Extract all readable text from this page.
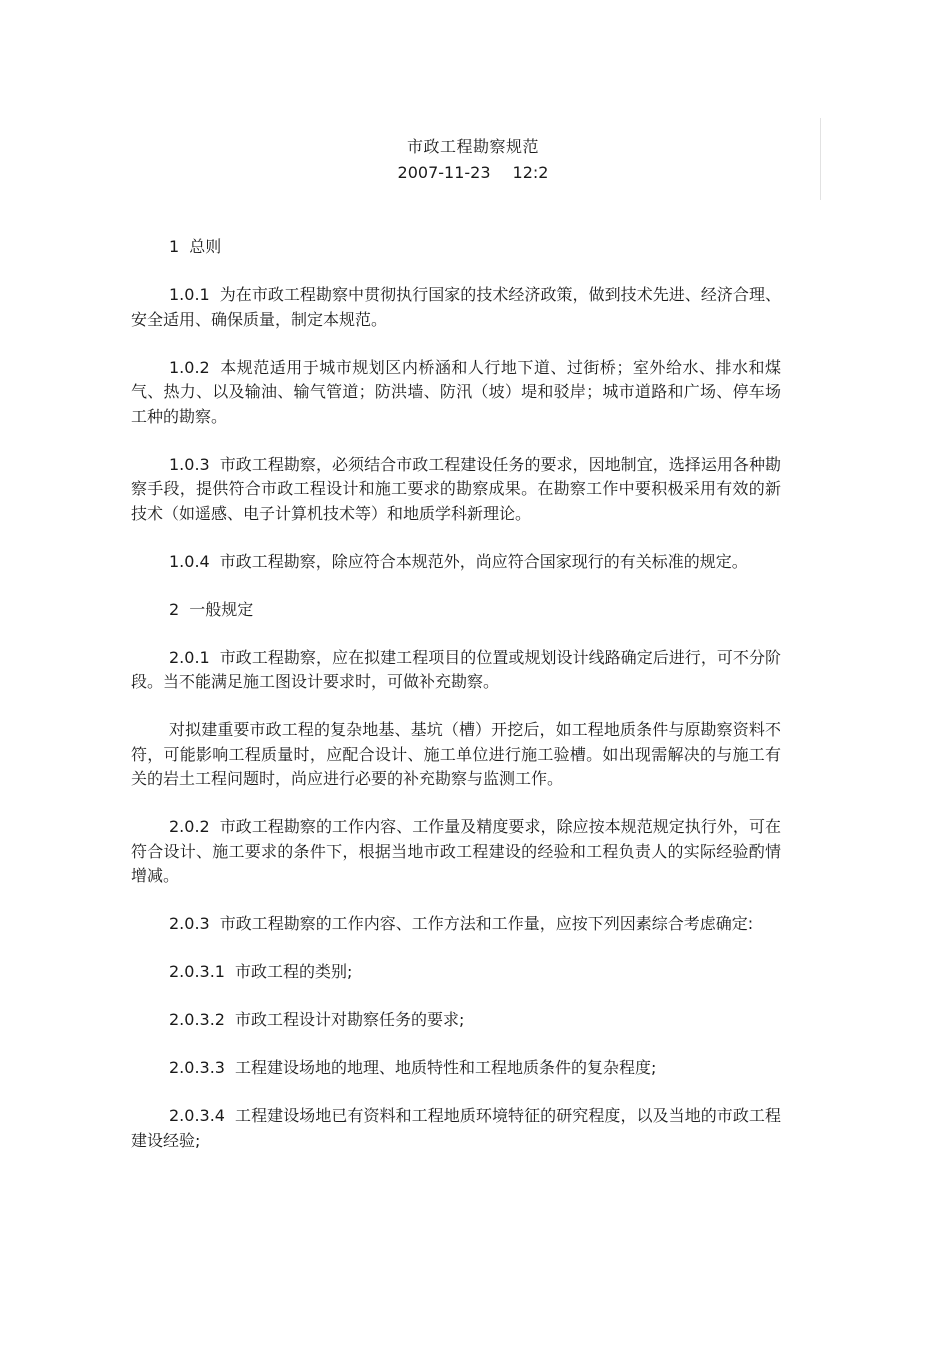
市政工程勘察规范
2007-11-23 12:2

1 总则

1.0.1 为在市政工程勘察中贯彻执行国家的技术经济政策，做到技术先进、经济合理、安全适用、确保质量，制定本规范。

1.0.2 本规范适用于城市规划区内桥涵和人行地下道、过街桥；室外给水、排水和煤气、热力、以及输油、输气管道；防洪墙、防汛（坡）堤和驳岸；城市道路和广场、停车场工种的勘察。

1.0.3 市政工程勘察，必须结合市政工程建设任务的要求，因地制宜，选择运用各种勘察手段，提供符合市政工程设计和施工要求的勘察成果。在勘察工作中要积极采用有效的新技术（如遥感、电子计算机技术等）和地质学科新理论。

1.0.4 市政工程勘察，除应符合本规范外，尚应符合国家现行的有关标准的规定。

2 一般规定

2.0.1 市政工程勘察，应在拟建工程项目的位置或规划设计线路确定后进行，可不分阶段。当不能满足施工图设计要求时，可做补充勘察。

对拟建重要市政工程的复杂地基、基坑（槽）开挖后，如工程地质条件与原勘察资料不符，可能影响工程质量时，应配合设计、施工单位进行施工验槽。如出现需解决的与施工有关的岩土工程问题时，尚应进行必要的补充勘察与监测工作。

2.0.2 市政工程勘察的工作内容、工作量及精度要求，除应按本规范规定执行外，可在符合设计、施工要求的条件下，根据当地市政工程建设的经验和工程负责人的实际经验酌情增减。

2.0.3 市政工程勘察的工作内容、工作方法和工作量，应按下列因素综合考虑确定:

2.0.3.1 市政工程的类别;

2.0.3.2 市政工程设计对勘察任务的要求;

2.0.3.3 工程建设场地的地理、地质特性和工程地质条件的复杂程度;

2.0.3.4 工程建设场地已有资料和工程地质环境特征的研究程度，以及当地的市政工程建设经验;
